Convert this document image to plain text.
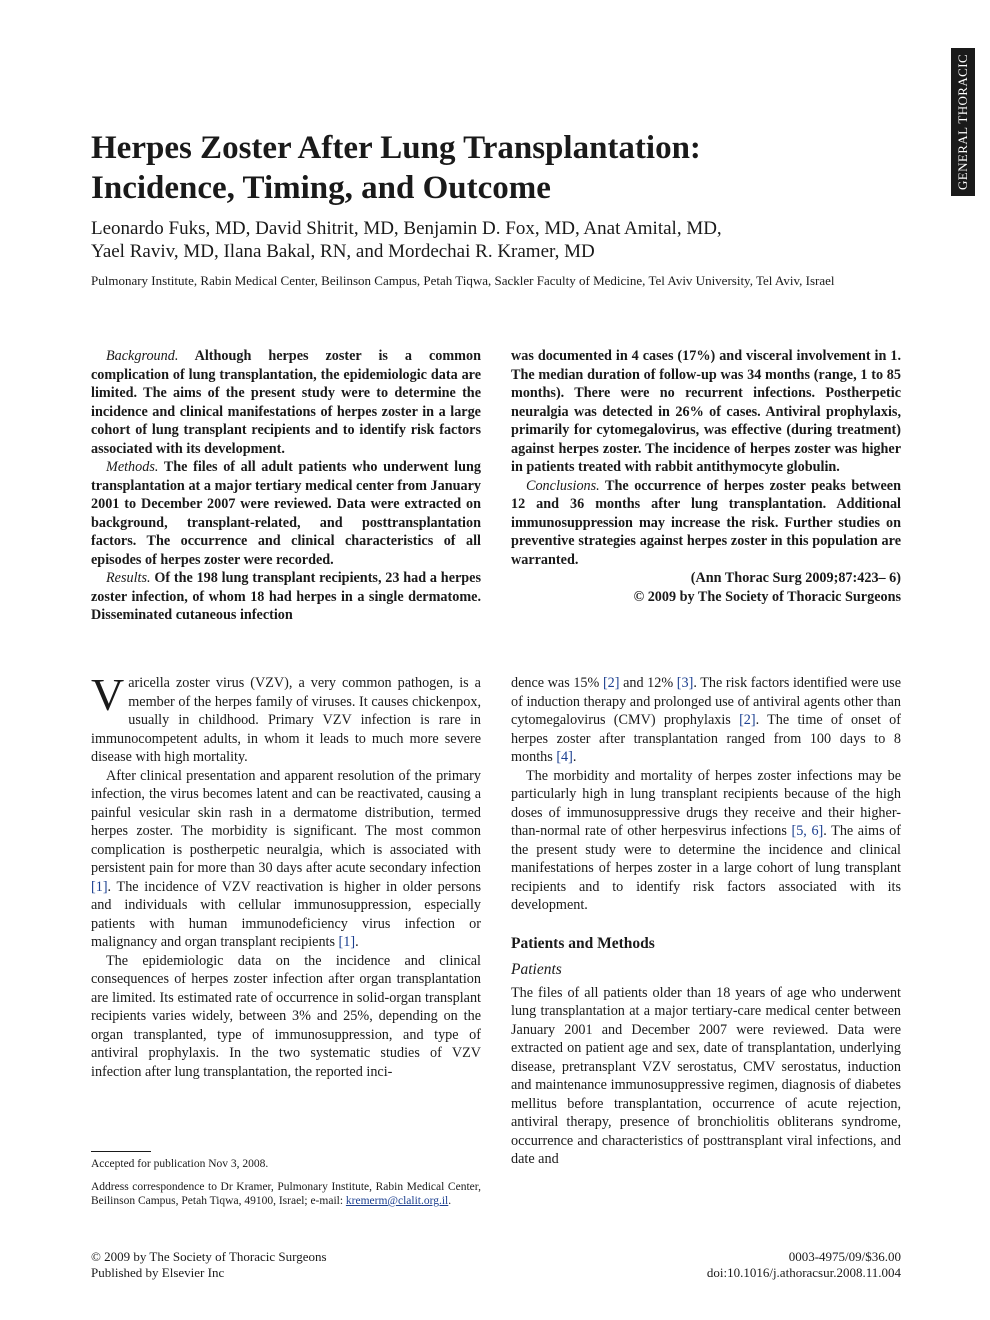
GENERAL THORACIC
Herpes Zoster After Lung Transplantation:
Incidence, Timing, and Outcome
Leonardo Fuks, MD, David Shitrit, MD, Benjamin D. Fox, MD, Anat Amital, MD,
Yael Raviv, MD, Ilana Bakal, RN, and Mordechai R. Kramer, MD
Pulmonary Institute, Rabin Medical Center, Beilinson Campus, Petah Tiqwa, Sackler Faculty of Medicine, Tel Aviv University, Tel Aviv, Israel

Background. Although herpes zoster is a common complication of lung transplantation, the epidemiologic data are limited. The aims of the present study were to determine the incidence and clinical manifestations of herpes zoster in a large cohort of lung transplant recipients and to identify risk factors associated with its development.

Methods. The files of all adult patients who underwent lung transplantation at a major tertiary medical center from January 2001 to December 2007 were reviewed. Data were extracted on background, transplant-related, and posttransplantation factors. The occurrence and clinical characteristics of all episodes of herpes zoster were recorded.

Results. Of the 198 lung transplant recipients, 23 had a herpes zoster infection, of whom 18 had herpes in a single dermatome. Disseminated cutaneous infection

was documented in 4 cases (17%) and visceral involvement in 1. The median duration of follow-up was 34 months (range, 1 to 85 months). There were no recurrent infections. Postherpetic neuralgia was detected in 26% of cases. Antiviral prophylaxis, primarily for cytomegalovirus, was effective (during treatment) against herpes zoster. The incidence of herpes zoster was higher in patients treated with rabbit antithymocyte globulin.

Conclusions. The occurrence of herpes zoster peaks between 12 and 36 months after lung transplantation. Additional immunosuppression may increase the risk. Further studies on preventive strategies against herpes zoster in this population are warranted.

(Ann Thorac Surg 2009;87:423– 6)
© 2009 by The Society of Thoracic Surgeons

Varicella zoster virus (VZV), a very common pathogen, is a member of the herpes family of viruses. It causes chickenpox, usually in childhood. Primary VZV infection is rare in immunocompetent adults, in whom it leads to much more severe disease with high mortality.

After clinical presentation and apparent resolution of the primary infection, the virus becomes latent and can be reactivated, causing a painful vesicular skin rash in a dermatome distribution, termed herpes zoster. The morbidity is significant. The most common complication is postherpetic neuralgia, which is associated with persistent pain for more than 30 days after acute secondary infection [1]. The incidence of VZV reactivation is higher in older persons and individuals with cellular immunosuppression, especially patients with human immunodeficiency virus infection or malignancy and organ transplant recipients [1].

The epidemiologic data on the incidence and clinical consequences of herpes zoster infection after organ transplantation are limited. Its estimated rate of occurrence in solid-organ transplant recipients varies widely, between 3% and 25%, depending on the organ transplanted, type of immunosuppression, and type of antiviral prophylaxis. In the two systematic studies of VZV infection after lung transplantation, the reported inci-

dence was 15% [2] and 12% [3]. The risk factors identified were use of induction therapy and prolonged use of antiviral agents other than cytomegalovirus (CMV) prophylaxis [2]. The time of onset of herpes zoster after transplantation ranged from 100 days to 8 months [4].

The morbidity and mortality of herpes zoster infections may be particularly high in lung transplant recipients because of the high doses of immunosuppressive drugs they receive and their higher-than-normal rate of other herpesvirus infections [5, 6]. The aims of the present study were to determine the incidence and clinical manifestations of herpes zoster in a large cohort of lung transplant recipients and to identify risk factors associated with its development.

Patients and Methods
Patients

The files of all patients older than 18 years of age who underwent lung transplantation at a major tertiary-care medical center between January 2001 and December 2007 were reviewed. Data were extracted on patient age and sex, date of transplantation, underlying disease, pretransplant VZV serostatus, CMV serostatus, induction and maintenance immunosuppressive regimen, diagnosis of diabetes mellitus before transplantation, occurrence of acute rejection, antiviral therapy, presence of bronchiolitis obliterans syndrome, occurrence and characteristics of posttransplant viral infections, and date and

Accepted for publication Nov 3, 2008.

Address correspondence to Dr Kramer, Pulmonary Institute, Rabin Medical Center, Beilinson Campus, Petah Tiqwa, 49100, Israel; e-mail: kremerm@clalit.org.il.

© 2009 by The Society of Thoracic Surgeons
Published by Elsevier Inc
0003-4975/09/$36.00
doi:10.1016/j.athoracsur.2008.11.004
